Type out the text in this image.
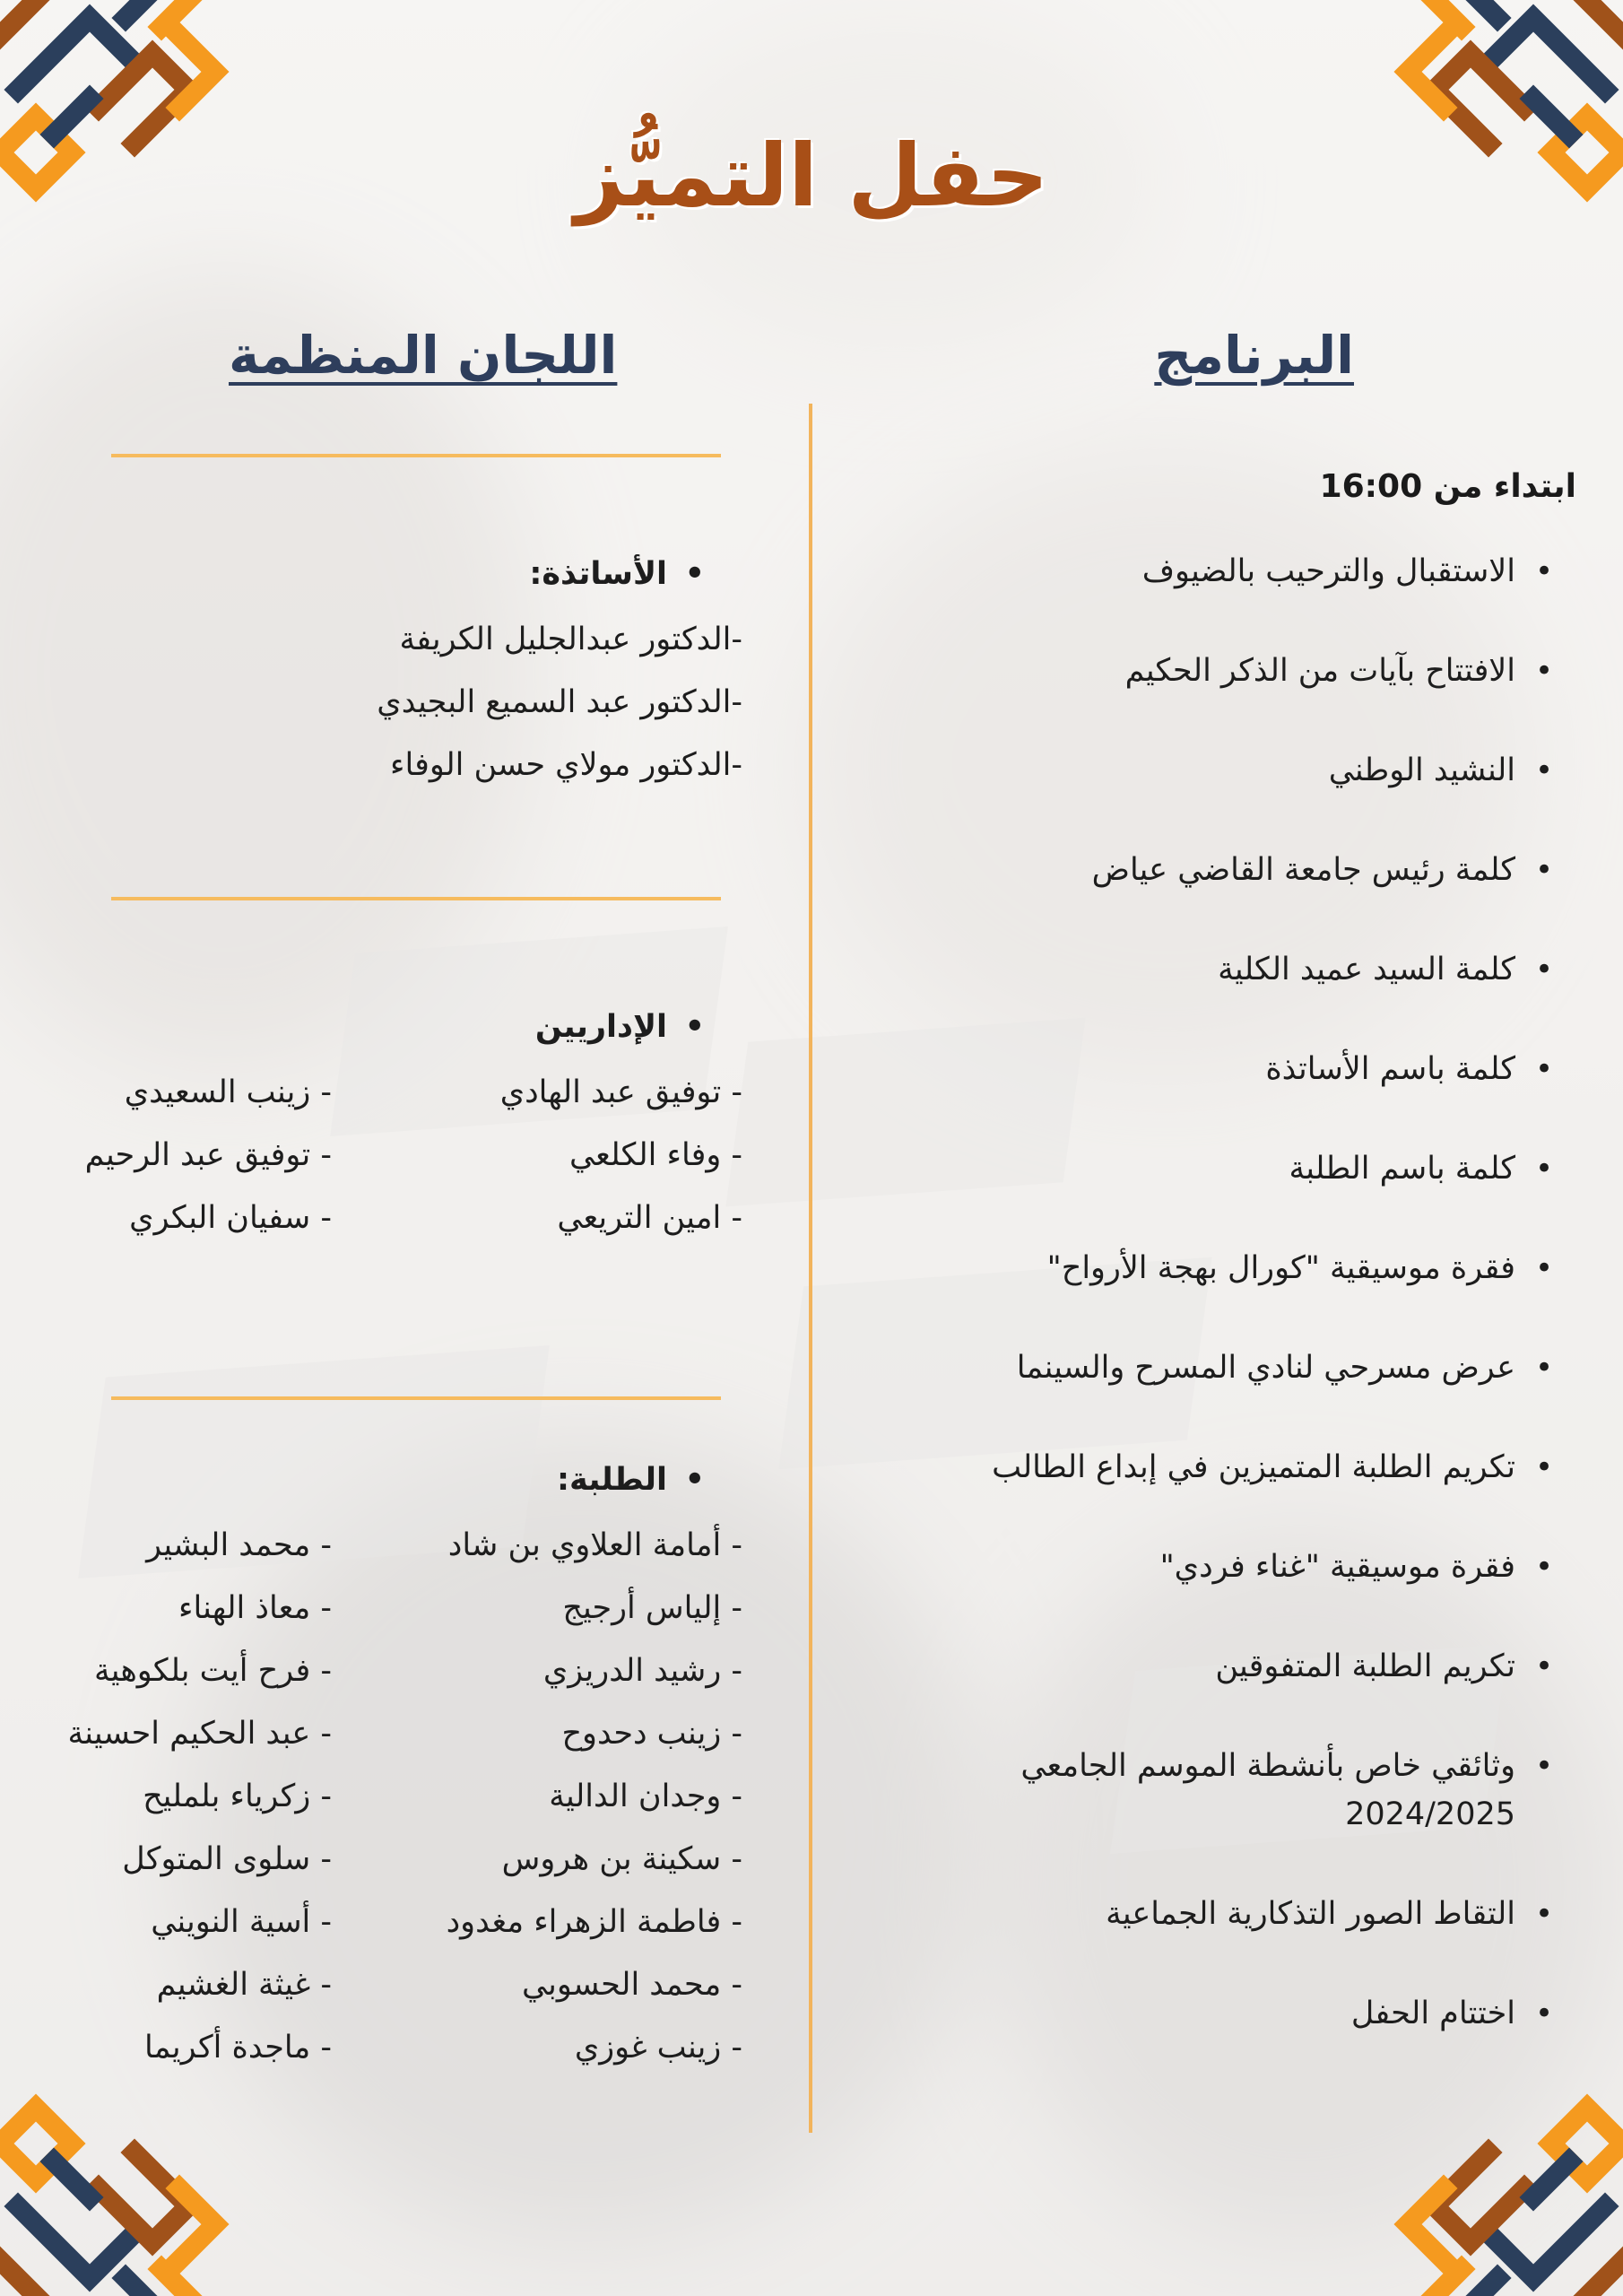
حفل التميُّز
البرنامج
اللجان المنظمة
ابتداء من 16:00
• الاستقبال والترحيب بالضيوف
• الافتتاح بآيات من الذكر الحكيم
• النشيد الوطني
• كلمة رئيس جامعة القاضي عياض
• كلمة السيد عميد الكلية
• كلمة باسم الأساتذة
• كلمة باسم الطلبة
• فقرة موسيقية "كورال بهجة الأرواح"
• عرض مسرحي لنادي المسرح والسينما
• تكريم الطلبة المتميزين في إبداع الطالب
• فقرة موسيقية "غناء فردي"
• تكريم الطلبة المتفوقين
• وثائقي خاص بأنشطة الموسم الجامعي 2024/2025
• التقاط الصور التذكارية الجماعية
• اختتام الحفل
• الأساتذة:
-الدكتور عبدالجليل الكريفة
-الدكتور عبد السميع البجيدي
-الدكتور مولاي حسن الوفاء
• الإداريين
- توفيق عبد الهادي
- وفاء الكلعي
- امين التريعي
- زينب السعيدي
- توفيق عبد الرحيم
- سفيان البكري
• الطلبة:
- أمامة العلاوي بن شاد
- إلياس أرجيج
- رشيد الدريزي
- زينب دحدوح
- وجدان الدالية
- سكينة بن هروس
- فاطمة الزهراء مغدود
- محمد الحسوبي
- زينب غوزي
- محمد البشير
- معاذ الهناء
- فرح أيت بلكوهية
- عبد الحكيم احسينة
- زكرياء بلمليح
- سلوى المتوكل
- أسية النويني
- غيثة الغشيم
- ماجدة أكريما
